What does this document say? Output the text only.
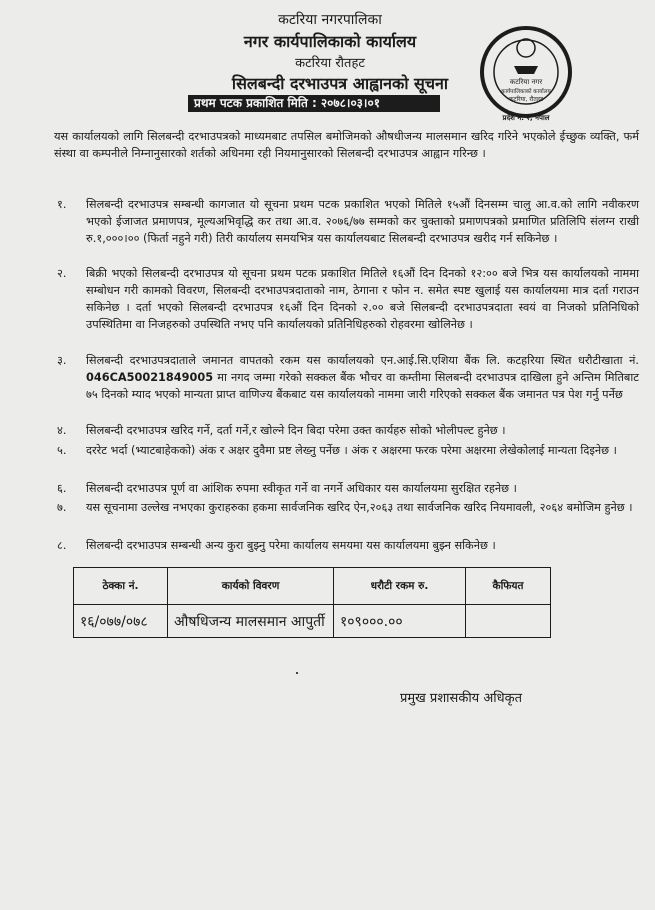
कटरिया नगरपालिका
नगर कार्यपालिकाको कार्यालय
कटरिया रौतहट
सिलबन्दी दरभाउपत्र आह्वानको सूचना
प्रथम पटक प्रकाशित मिति : २०७८।०३।०१
कटरिया नगर
कार्यपालिकाको कार्यालय
कटरिया, रौतहट
प्रदेश नं. २, नेपाल
यस कार्यालयको लागि सिलबन्दी दरभाउपत्रको माध्यमबाट तपसिल बमोजिमको औषधीजन्य मालसमान खरिद गरिने भएकोले ईच्छुक व्यक्ति, फर्म संस्था वा कम्पनीले निम्नानुसारको शर्तको अधिनमा रही नियमानुसारको सिलबन्दी दरभाउपत्र आह्वान गरिन्छ ।
१. सिलबन्दी दरभाउपत्र सम्बन्धी कागजात यो सूचना प्रथम पटक प्रकाशित भएको मितिले १५औं दिनसम्म चालु आ.व.को लागि नवीकरण भएको ईजाजत प्रमाणपत्र, मूल्यअभिवृद्धि कर तथा आ.व. २०७६/७७ सम्मको कर चुक्ताको प्रमाणपत्रको प्रमाणित प्रतिलिपि संलग्न राखी रु.१,०००।०० (फिर्ता नहुने गरी) तिरी कार्यालय समयभित्र यस कार्यालयबाट सिलबन्दी दरभाउपत्र खरीद गर्न सकिनेछ ।
२. बिक्री भएको सिलबन्दी दरभाउपत्र यो सूचना प्रथम पटक प्रकाशित मितिले १६औं दिन दिनको १२:०० बजे भित्र यस कार्यालयको नाममा सम्बोधन गरी कामको विवरण, सिलबन्दी दरभाउपत्रदाताको नाम, ठेगाना र फोन न. समेत स्पष्ट खुलाई यस कार्यालयमा मात्र दर्ता गराउन सकिनेछ । दर्ता भएको सिलबन्दी दरभाउपत्र १६औं दिन दिनको २.०० बजे सिलबन्दी दरभाउपत्रदाता स्वयं वा निजको प्रतिनिधिको उपस्थितिमा वा निजहरुको उपस्थिति नभए पनि कार्यालयको प्रतिनिधिहरुको रोहवरमा खोलिनेछ ।
३. सिलबन्दी दरभाउपत्रदाताले जमानत वापतको रकम यस कार्यालयको एन.आई.सि.एशिया बैंक लि. कटहरिया स्थित धरौटीखाता नं. 046CA50021849005 मा नगद जम्मा गरेको सक्कल बैंक भौचर वा कम्तीमा सिलबन्दी दरभाउपत्र दाखिला हुने अन्तिम मितिबाट ७५ दिनको म्याद भएको मान्यता प्राप्त वाणिज्य बैंकबाट यस कार्यालयको नाममा जारी गरिएको सक्कल बैंक जमानत पत्र पेश गर्नु पर्नेछ
४. सिलबन्दी दरभाउपत्र खरिद गर्ने, दर्ता गर्ने,र खोल्ने दिन बिदा परेमा उक्त कार्यहरु सोको भोलीपल्ट हुनेछ ।
५. दररेट भर्दा (भ्याटबाहेकको) अंक र अक्षर दुवैमा प्रष्ट लेख्नु पर्नेछ । अंक र अक्षरमा फरक परेमा अक्षरमा लेखेकोलाई मान्यता दिइनेछ ।
६. सिलबन्दी दरभाउपत्र पूर्ण वा आंशिक रुपमा स्वीकृत गर्ने वा नगर्ने अधिकार यस कार्यालयमा सुरक्षित रहनेछ ।
७. यस सूचनामा उल्लेख नभएका कुराहरुका हकमा सार्वजनिक खरिद ऐन,२०६३ तथा सार्वजनिक खरिद नियमावली, २०६४ बमोजिम हुनेछ ।
८. सिलबन्दी दरभाउपत्र सम्बन्धी अन्य कुरा बुझ्नु परेमा कार्यालय समयमा यस कार्यालयमा बुझ्न सकिनेछ ।
ठेक्का नं.	कार्यको विवरण	धरौटी रकम रु.	कैफियत
१६/०७७/०७८	औषधिजन्य मालसमान आपुर्ती	१०९०००.००	
प्रमुख प्रशासकीय अधिकृत
